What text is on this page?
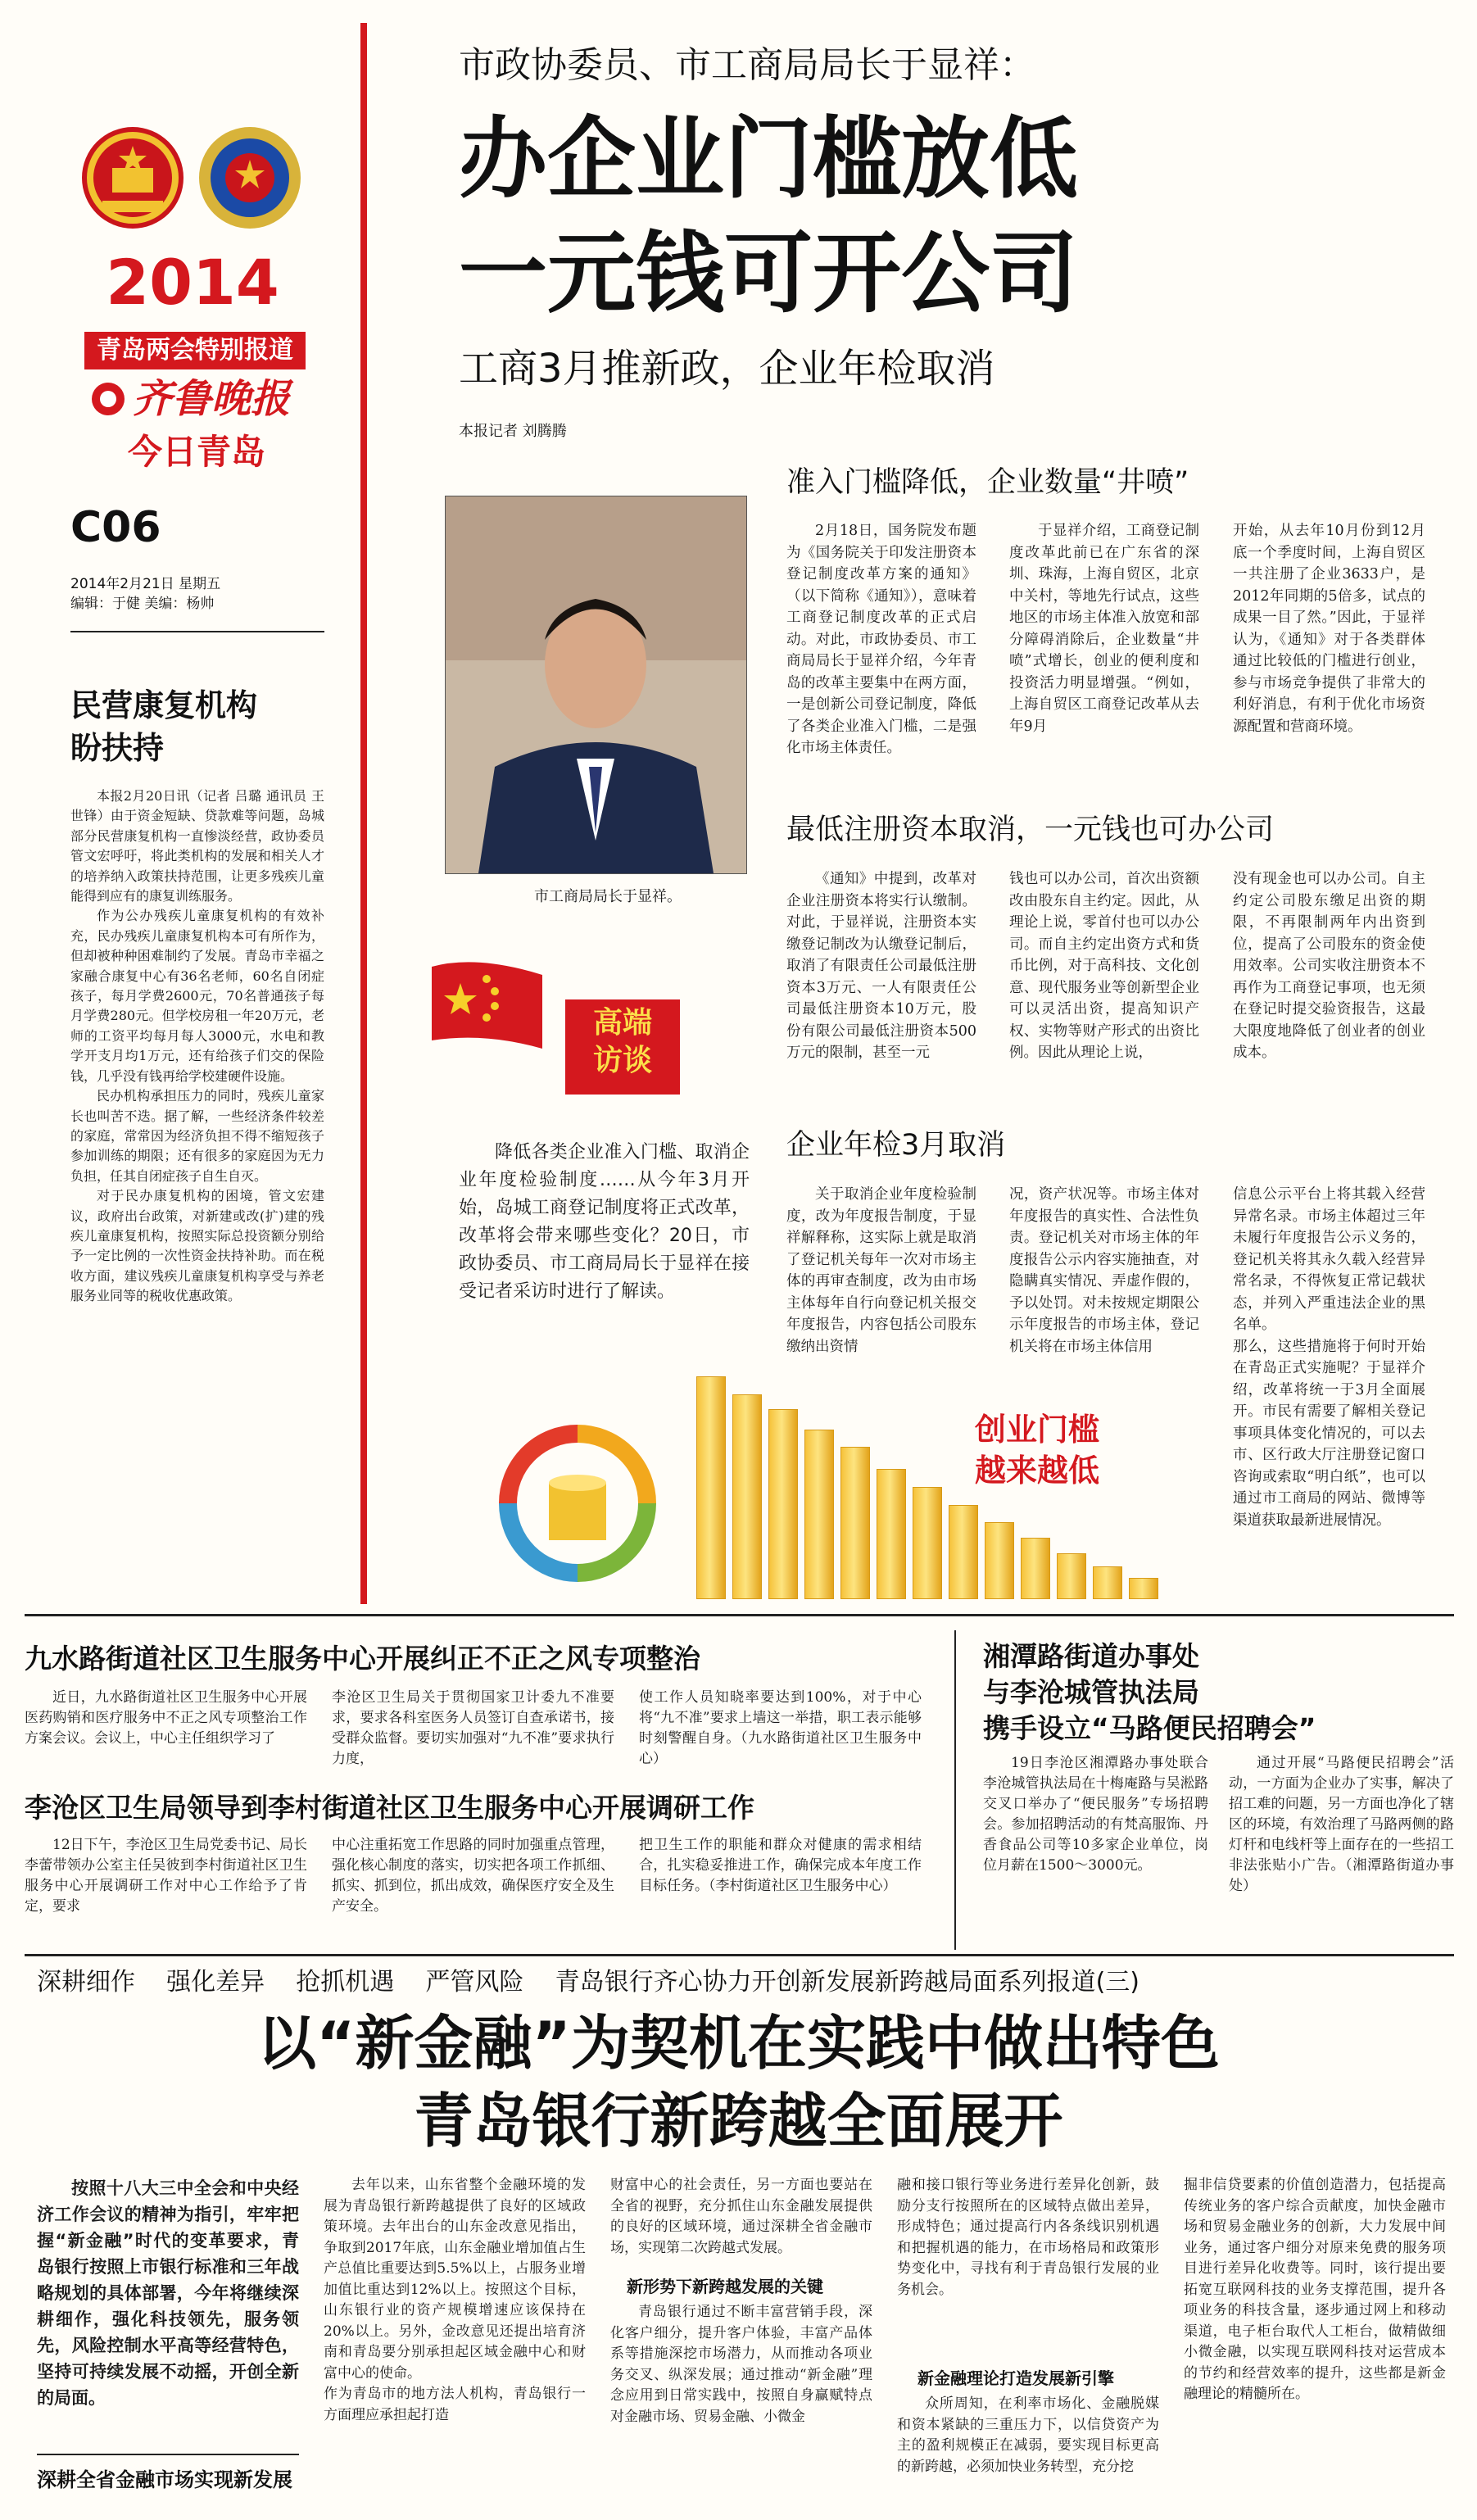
2014
青岛两会特别报道
齐鲁晚报
今日青岛
C06
2014年2月21日 星期五
编辑：于健 美编：杨帅
民营康复机构
盼扶持

本报2月20日讯（记者 吕璐 通讯员 王世锋）由于资金短缺、贷款难等问题，岛城部分民营康复机构一直惨淡经营，政协委员管文宏呼吁，将此类机构的发展和相关人才的培养纳入政策扶持范围，让更多残疾儿童能得到应有的康复训练服务。

作为公办残疾儿童康复机构的有效补充，民办残疾儿童康复机构本可有所作为，但却被种种困难制约了发展。青岛市幸福之家融合康复中心有36名老师，60名自闭症孩子，每月学费2600元，70名普通孩子每月学费280元。但学校房租一年20万元，老师的工资平均每月每人3000元，水电和教学开支月均1万元，还有给孩子们交的保险钱，几乎没有钱再给学校建硬件设施。

民办机构承担压力的同时，残疾儿童家长也叫苦不迭。据了解，一些经济条件较差的家庭，常常因为经济负担不得不缩短孩子参加训练的期限；还有很多的家庭因为无力负担，任其自闭症孩子自生自灭。

对于民办康复机构的困境，管文宏建议，政府出台政策，对新建或改(扩)建的残疾儿童康复机构，按照实际总投资额分别给予一定比例的一次性资金扶持补助。而在税收方面，建议残疾儿童康复机构享受与养老服务业同等的税收优惠政策。

市政协委员、市工商局局长于显祥：
办企业门槛放低
一元钱可开公司
工商3月推新政，企业年检取消
本报记者 刘腾腾
市工商局局长于显祥。
高端
访谈
降低各类企业准入门槛、取消企业年度检验制度……从今年3月开始，岛城工商登记制度将正式改革，改革将会带来哪些变化？20日，市政协委员、市工商局局长于显祥在接受记者采访时进行了解读。
准入门槛降低，企业数量“井喷”
2月18日，国务院发布题为《国务院关于印发注册资本登记制度改革方案的通知》（以下简称《通知》），意味着工商登记制度改革的正式启动。对此，市政协委员、市工商局局长于显祥介绍，今年青岛的改革主要集中在两方面，一是创新公司登记制度，降低了各类企业准入门槛，二是强化市场主体责任。
于显祥介绍，工商登记制度改革此前已在广东省的深圳、珠海，上海自贸区，北京中关村，等地先行试点，这些地区的市场主体准入放宽和部分障碍消除后，企业数量“井喷”式增长，创业的便利度和投资活力明显增强。“例如，上海自贸区工商登记改革从去年9月
开始，从去年10月份到12月底一个季度时间，上海自贸区一共注册了企业3633户，是2012年同期的5倍多，试点的成果一目了然。”因此，于显祥认为，《通知》对于各类群体通过比较低的门槛进行创业，参与市场竞争提供了非常大的利好消息，有利于优化市场资源配置和营商环境。
最低注册资本取消，一元钱也可办公司
《通知》中提到，改革对企业注册资本将实行认缴制。对此，于显祥说，注册资本实缴登记制改为认缴登记制后，取消了有限责任公司最低注册资本3万元、一人有限责任公司最低注册资本10万元，股份有限公司最低注册资本500万元的限制，甚至一元
钱也可以办公司，首次出资额改由股东自主约定。因此，从理论上说，零首付也可以办公司。而自主约定出资方式和货币比例，对于高科技、文化创意、现代服务业等创新型企业可以灵活出资，提高知识产权、实物等财产形式的出资比例。因此从理论上说，
没有现金也可以办公司。自主约定公司股东缴足出资的期限，不再限制两年内出资到位，提高了公司股东的资金使用效率。公司实收注册资本不再作为工商登记事项，也无须在登记时提交验资报告，这最大限度地降低了创业者的创业成本。
企业年检3月取消
关于取消企业年度检验制度，改为年度报告制度，于显祥解释称，这实际上就是取消了登记机关每年一次对市场主体的再审查制度，改为由市场主体每年自行向登记机关报交年度报告，内容包括公司股东缴纳出资情
况，资产状况等。市场主体对年度报告的真实性、合法性负责。登记机关对市场主体的年度报告公示内容实施抽查，对隐瞒真实情况、弄虚作假的，予以处罚。对未按规定期限公示年度报告的市场主体，登记机关将在市场主体信用
信息公示平台上将其载入经营异常名录。市场主体超过三年未履行年度报告公示义务的，登记机关将其永久载入经营异常名录，不得恢复正常记载状态，并列入严重违法企业的黑名单。
那么，这些措施将于何时开始在青岛正式实施呢？于显祥介绍，改革将统一于3月全面展开。市民有需要了解相关登记事项具体变化情况的，可以去市、区行政大厅注册登记窗口咨询或索取“明白纸”，也可以通过市工商局的网站、微博等渠道获取最新进展情况。
创业门槛
越来越低
九水路街道社区卫生服务中心开展纠正不正之风专项整治
近日，九水路街道社区卫生服务中心开展医药购销和医疗服务中不正之风专项整治工作方案会议。会议上，中心主任组织学习了
李沧区卫生局关于贯彻国家卫计委九不准要求，要求各科室医务人员签订自查承诺书，接受群众监督。要切实加强对“九不准”要求执行力度，
使工作人员知晓率要达到100%，对于中心将“九不准”要求上墙这一举措，职工表示能够时刻警醒自身。（九水路街道社区卫生服务中心）
李沧区卫生局领导到李村街道社区卫生服务中心开展调研工作
12日下午，李沧区卫生局党委书记、局长李蕾带领办公室主任吴彼到李村街道社区卫生服务中心开展调研工作对中心工作给予了肯定，要求
中心注重拓宽工作思路的同时加强重点管理，强化核心制度的落实，切实把各项工作抓细、抓实、抓到位，抓出成效，确保医疗安全及生产安全。
把卫生工作的职能和群众对健康的需求相结合，扎实稳妥推进工作，确保完成本年度工作目标任务。（李村街道社区卫生服务中心）
湘潭路街道办事处
与李沧城管执法局
携手设立“马路便民招聘会”
19日李沧区湘潭路办事处联合李沧城管执法局在十梅庵路与吴淞路交叉口举办了“便民服务”专场招聘会。参加招聘活动的有梵高服饰、丹香食品公司等10多家企业单位，岗位月薪在1500～3000元。
通过开展“马路便民招聘会”活动，一方面为企业办了实事，解决了招工难的问题，另一方面也净化了辖区的环境，有效治理了马路两侧的路灯杆和电线杆等上面存在的一些招工非法张贴小广告。（湘潭路街道办事处）
深耕细作    强化差异    抢抓机遇    严管风险    青岛银行齐心协力开创新发展新跨越局面系列报道(三)
以“新金融”为契机在实践中做出特色
青岛银行新跨越全面展开
按照十八大三中全会和中央经济工作会议的精神为指引，牢牢把握“新金融”时代的变革要求，青岛银行按照上市银行标准和三年战略规划的具体部署，今年将继续深耕细作，强化科技领先，服务领先，风险控制水平高等经营特色，坚持可持续发展不动摇，开创全新的局面。
深耕全省金融市场实现新发展
去年以来，山东省整个金融环境的发展为青岛银行新跨越提供了良好的区域政策环境。去年出台的山东金改意见指出，争取到2017年底，山东金融业增加值占生产总值比重要达到5.5%以上，占服务业增加值比重达到12%以上。按照这个目标，山东银行业的资产规模增速应该保持在20%以上。另外，金改意见还提出培育济南和青岛要分别承担起区域金融中心和财富中心的使命。
作为青岛市的地方法人机构，青岛银行一方面理应承担起打造
财富中心的社会责任，另一方面也要站在全省的视野，充分抓住山东金融发展提供的良好的区域环境，通过深耕全省金融市场，实现第二次跨越式发展。
新形势下新跨越发展的关键
青岛银行通过不断丰富营销手段，深化客户细分，提升客户体验，丰富产品体系等措施深挖市场潜力，从而推动各项业务交叉、纵深发展；通过推动“新金融”理念应用到日常实践中，按照自身赢赋特点对金融市场、贸易金融、小微金
融和接口银行等业务进行差异化创新，鼓励分支行按照所在的区域特点做出差异，形成特色；通过提高行内各条线识别机遇和把握机遇的能力，在市场格局和政策形势变化中，寻找有利于青岛银行发展的业务机会。
新金融理论打造发展新引擎
众所周知，在利率市场化、金融脱媒和资本紧缺的三重压力下，以信贷资产为主的盈利规模正在减弱，要实现目标更高的新跨越，必须加快业务转型，充分挖
掘非信贷要素的价值创造潜力，包括提高传统业务的客户综合贡献度，加快金融市场和贸易金融业务的创新，大力发展中间业务，通过客户细分对原来免费的服务项目进行差异化收费等。同时，该行提出要拓宽互联网科技的业务支撑范围，提升各项业务的科技含量，逐步通过网上和移动渠道，电子柜台取代人工柜台，做精做细小微金融，以实现互联网科技对运营成本的节约和经营效率的提升，这些都是新金融理论的精髓所在。
